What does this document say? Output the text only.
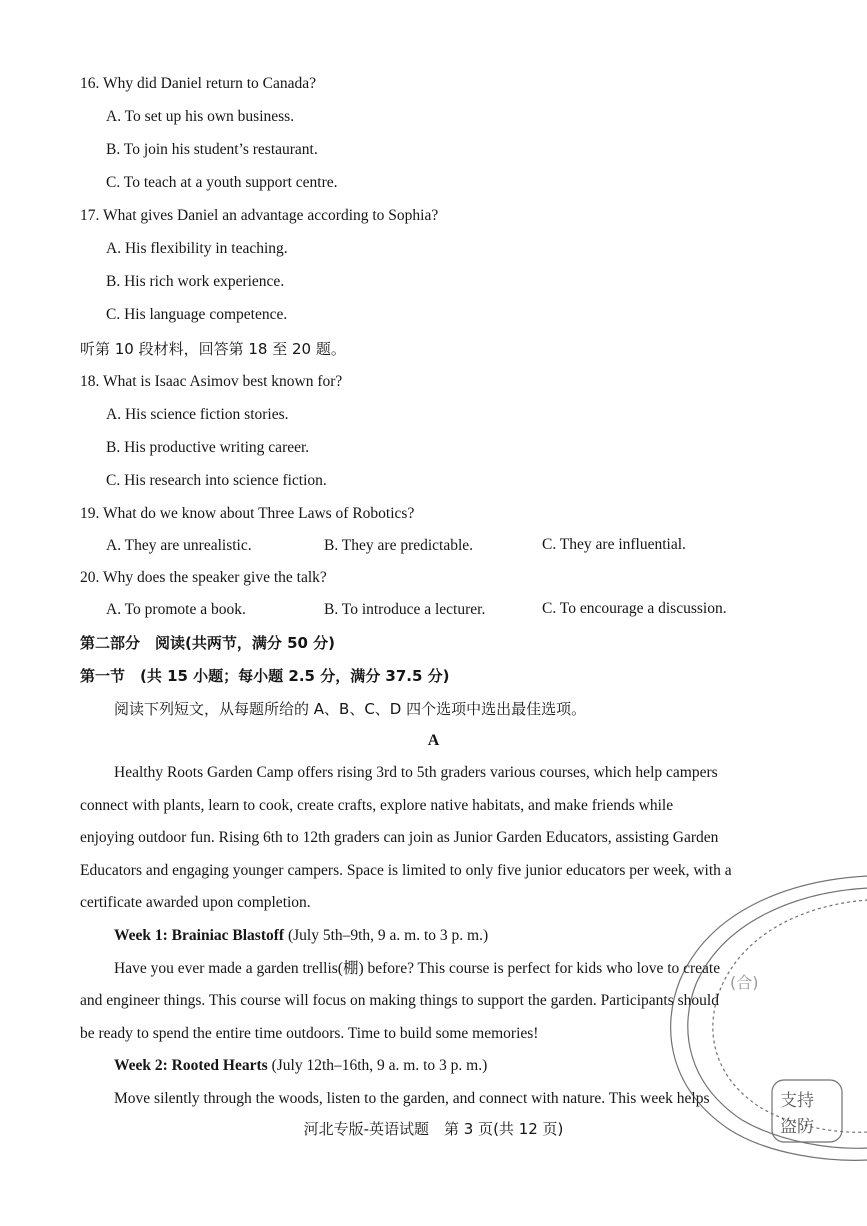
16. Why did Daniel return to Canada?
A. To set up his own business.
B. To join his student’s restaurant.
C. To teach at a youth support centre.
17. What gives Daniel an advantage according to Sophia?
A. His flexibility in teaching.
B. His rich work experience.
C. His language competence.
听第 10 段材料，回答第 18 至 20 题。
18. What is Isaac Asimov best known for?
A. His science fiction stories.
B. His productive writing career.
C. His research into science fiction.
19. What do we know about Three Laws of Robotics?
A. They are unrealistic.	B. They are predictable.	C. They are influential.
20. Why does the speaker give the talk?
A. To promote a book.	B. To introduce a lecturer.	C. To encourage a discussion.
第二部分　阅读(共两节，满分 50 分)
第一节　(共 15 小题；每小题 2.5 分，满分 37.5 分)
阅读下列短文，从每题所给的 A、B、C、D 四个选项中选出最佳选项。
A
Healthy Roots Garden Camp offers rising 3rd to 5th graders various courses, which help campers
connect with plants, learn to cook, create crafts, explore native habitats, and make friends while
enjoying outdoor fun. Rising 6th to 12th graders can join as Junior Garden Educators, assisting Garden
Educators and engaging younger campers. Space is limited to only five junior educators per week, with a
certificate awarded upon completion.
Week 1: Brainiac Blastoff (July 5th–9th, 9 a. m. to 3 p. m.)
Have you ever made a garden trellis(棚) before? This course is perfect for kids who love to create
and engineer things. This course will focus on making things to support the garden. Participants should
be ready to spend the entire time outdoors. Time to build some memories!
Week 2: Rooted Hearts (July 12th–16th, 9 a. m. to 3 p. m.)
Move silently through the woods, listen to the garden, and connect with nature. This week helps
河北专版-英语试题　第 3 页(共 12 页)
支持
盗防
(合)
